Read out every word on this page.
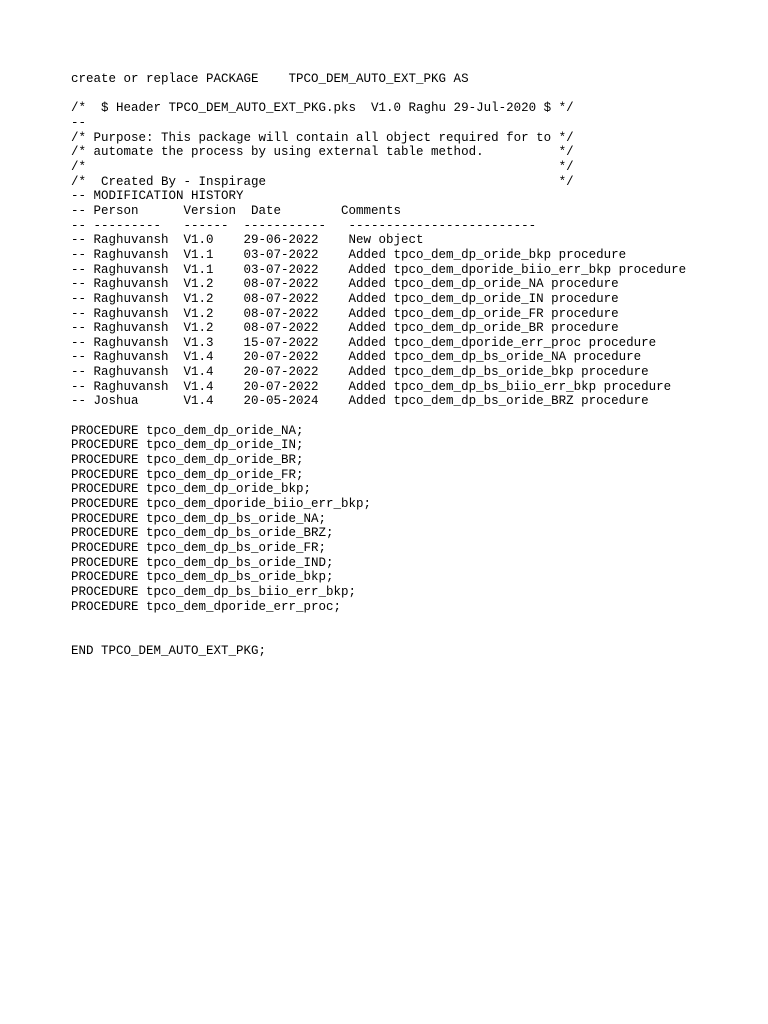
create or replace PACKAGE    TPCO_DEM_AUTO_EXT_PKG AS

/*  $ Header TPCO_DEM_AUTO_EXT_PKG.pks  V1.0 Raghu 29-Jul-2020 $ */
--
/* Purpose: This package will contain all object required for to */
/* automate the process by using external table method.          */
/*                                                               */
/*  Created By - Inspirage                                       */
-- MODIFICATION HISTORY
-- Person      Version  Date        Comments
-- ---------   ------  -----------   -------------------------
-- Raghuvansh  V1.0    29-06-2022    New object
-- Raghuvansh  V1.1    03-07-2022    Added tpco_dem_dp_oride_bkp procedure
-- Raghuvansh  V1.1    03-07-2022    Added tpco_dem_dporide_biio_err_bkp procedure
-- Raghuvansh  V1.2    08-07-2022    Added tpco_dem_dp_oride_NA procedure
-- Raghuvansh  V1.2    08-07-2022    Added tpco_dem_dp_oride_IN procedure
-- Raghuvansh  V1.2    08-07-2022    Added tpco_dem_dp_oride_FR procedure
-- Raghuvansh  V1.2    08-07-2022    Added tpco_dem_dp_oride_BR procedure
-- Raghuvansh  V1.3    15-07-2022    Added tpco_dem_dporide_err_proc procedure
-- Raghuvansh  V1.4    20-07-2022    Added tpco_dem_dp_bs_oride_NA procedure
-- Raghuvansh  V1.4    20-07-2022    Added tpco_dem_dp_bs_oride_bkp procedure
-- Raghuvansh  V1.4    20-07-2022    Added tpco_dem_dp_bs_biio_err_bkp procedure
-- Joshua      V1.4    20-05-2024    Added tpco_dem_dp_bs_oride_BRZ procedure

PROCEDURE tpco_dem_dp_oride_NA;
PROCEDURE tpco_dem_dp_oride_IN;
PROCEDURE tpco_dem_dp_oride_BR;
PROCEDURE tpco_dem_dp_oride_FR;
PROCEDURE tpco_dem_dp_oride_bkp;
PROCEDURE tpco_dem_dporide_biio_err_bkp;
PROCEDURE tpco_dem_dp_bs_oride_NA;
PROCEDURE tpco_dem_dp_bs_oride_BRZ;
PROCEDURE tpco_dem_dp_bs_oride_FR;
PROCEDURE tpco_dem_dp_bs_oride_IND;
PROCEDURE tpco_dem_dp_bs_oride_bkp;
PROCEDURE tpco_dem_dp_bs_biio_err_bkp;
PROCEDURE tpco_dem_dporide_err_proc;

END TPCO_DEM_AUTO_EXT_PKG;
